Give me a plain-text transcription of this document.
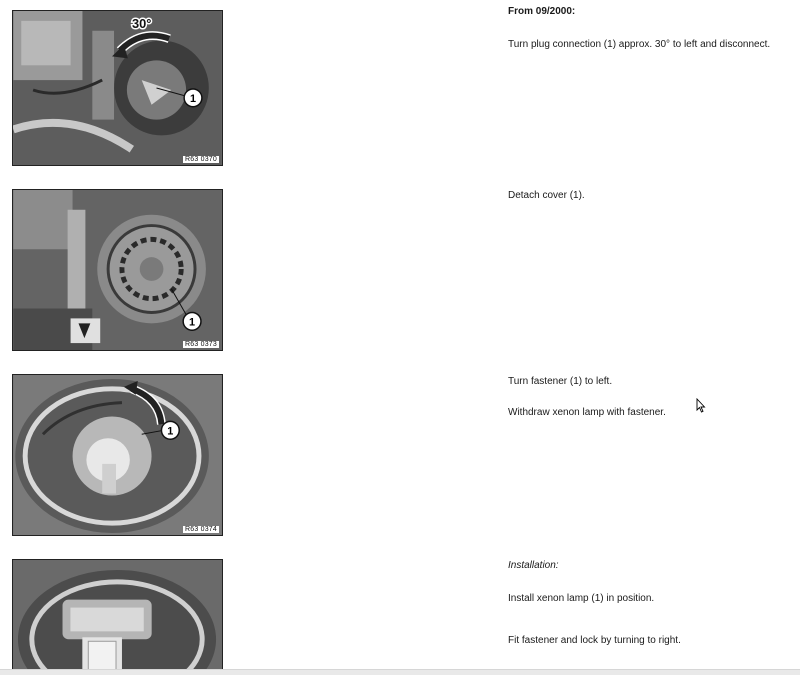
1
30°
R63 0370
1
R63 0373
1
R63 0374
From 09/2000:
Turn plug connection (1) approx. 30° to left and disconnect.
Detach cover (1).
Turn fastener (1) to left.
Withdraw xenon lamp with fastener.
Installation:
Install xenon lamp (1) in position.
Fit fastener and lock by turning to right.
